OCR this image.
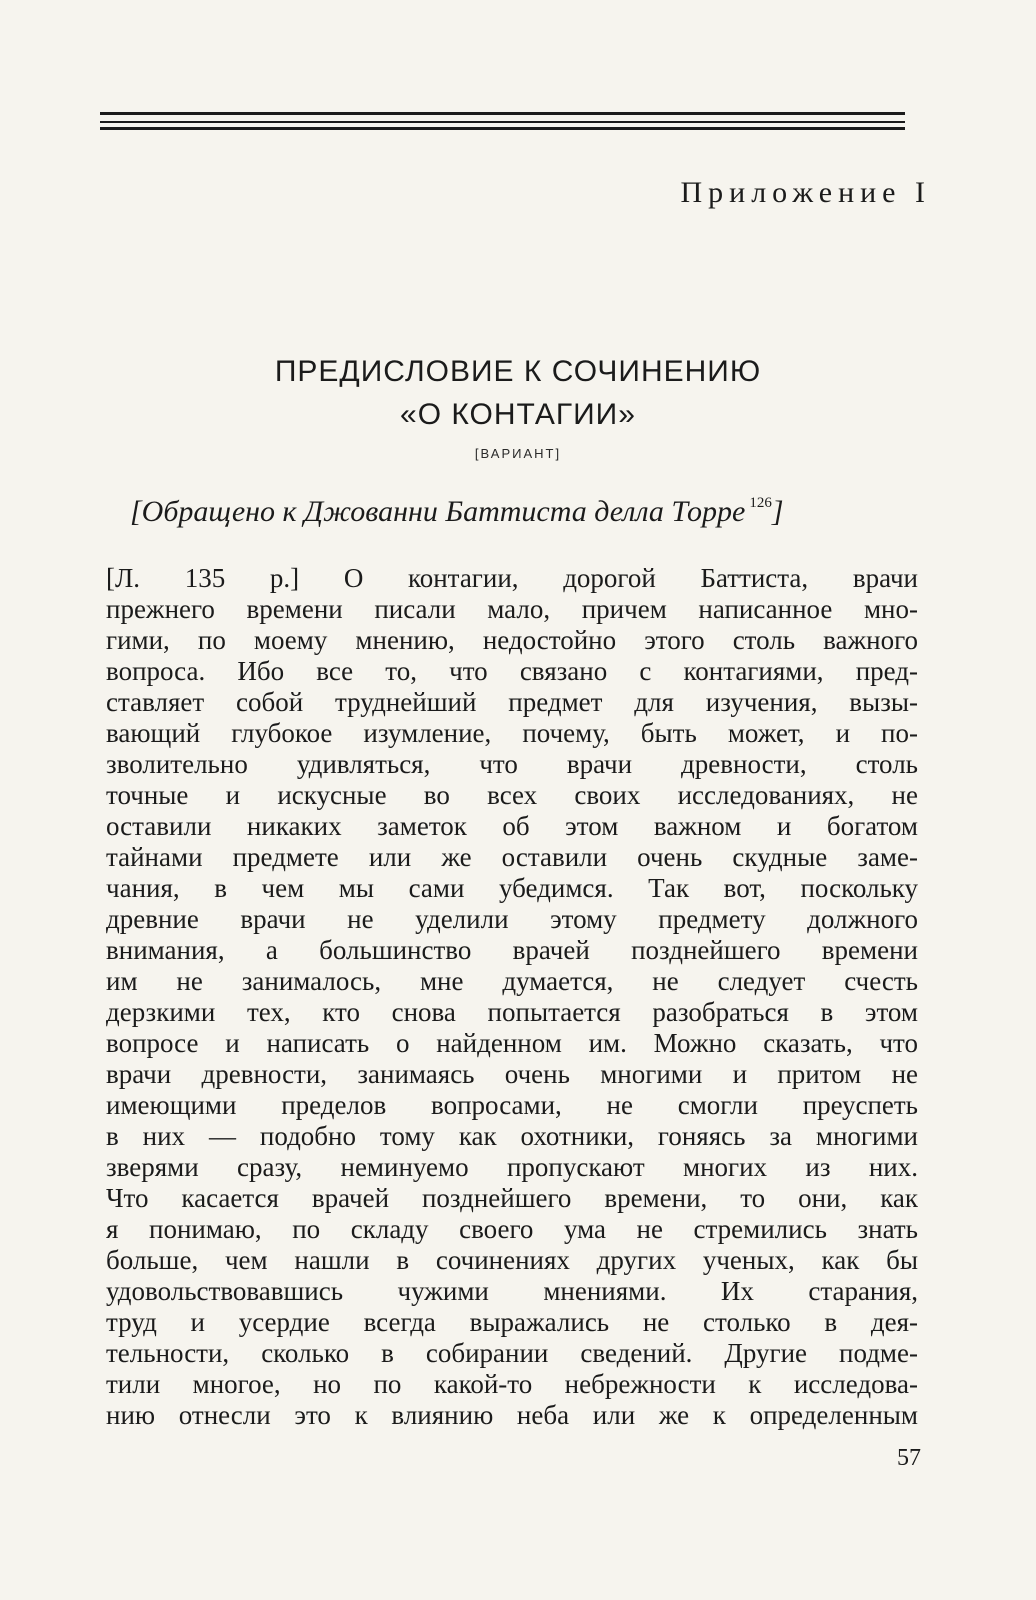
Приложение I
ПРЕДИСЛОВИЕ К СОЧИНЕНИЮ
«О КОНТАГИИ»
[ВАРИАНТ]
[Обращено к Джованни Баттиста делла Торре $^{126}$]
[Л. 135 р.] О контагии, дорогой Баттиста, врачи
прежнего времени писали мало, причем написанное мно-
гими, по моему мнению, недостойно этого столь важного
вопроса. Ибо все то, что связано с контагиями, пред-
ставляет собой труднейший предмет для изучения, вызы-
вающий глубокое изумление, почему, быть может, и по-
зволительно удивляться, что врачи древности, столь
точные и искусные во всех своих исследованиях, не
оставили никаких заметок об этом важном и богатом
тайнами предмете или же оставили очень скудные заме-
чания, в чем мы сами убедимся. Так вот, поскольку
древние врачи не уделили этому предмету должного
внимания, а большинство врачей позднейшего времени
им не занималось, мне думается, не следует счесть
дерзкими тех, кто снова попытается разобраться в этом
вопросе и написать о найденном им. Можно сказать, что
врачи древности, занимаясь очень многими и притом не
имеющими пределов вопросами, не смогли преуспеть
в них — подобно тому как охотники, гоняясь за многими
зверями сразу, неминуемо пропускают многих из них.
Что касается врачей позднейшего времени, то они, как
я понимаю, по складу своего ума не стремились знать
больше, чем нашли в сочинениях других ученых, как бы
удовольствовавшись чужими мнениями. Их старания,
труд и усердие всегда выражались не столько в дея-
тельности, сколько в собирании сведений. Другие подме-
тили многое, но по какой-то небрежности к исследова-
нию отнесли это к влиянию неба или же к определенным
57
